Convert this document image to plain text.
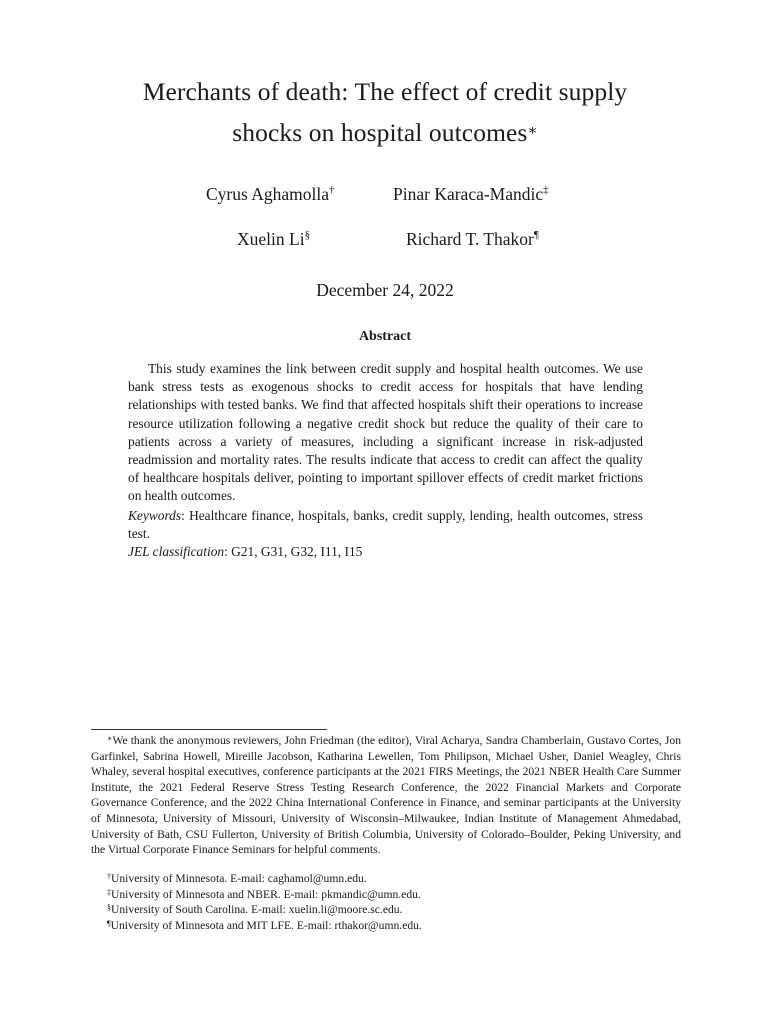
Merchants of death: The effect of credit supply
shocks on hospital outcomes∗
Cyrus Aghamolla†	Pinar Karaca-Mandic‡
Xuelin Li§	Richard T. Thakor¶
December 24, 2022
Abstract
This study examines the link between credit supply and hospital health outcomes. We use bank stress tests as exogenous shocks to credit access for hospitals that have lending relationships with tested banks. We find that affected hospitals shift their operations to increase resource utilization following a negative credit shock but reduce the quality of their care to patients across a variety of measures, including a significant increase in risk-adjusted readmission and mortality rates. The results indicate that access to credit can affect the quality of healthcare hospitals deliver, pointing to important spillover effects of credit market frictions on health outcomes.
Keywords: Healthcare finance, hospitals, banks, credit supply, lending, health outcomes, stress test.
JEL classification: G21, G31, G32, I11, I15
∗We thank the anonymous reviewers, John Friedman (the editor), Viral Acharya, Sandra Chamberlain, Gustavo Cortes, Jon Garfinkel, Sabrina Howell, Mireille Jacobson, Katharina Lewellen, Tom Philipson, Michael Usher, Daniel Weagley, Chris Whaley, several hospital executives, conference participants at the 2021 FIRS Meetings, the 2021 NBER Health Care Summer Institute, the 2021 Federal Reserve Stress Testing Research Conference, the 2022 Financial Markets and Corporate Governance Conference, and the 2022 China International Conference in Finance, and seminar participants at the University of Minnesota, University of Missouri, University of Wisconsin–Milwaukee, Indian Institute of Management Ahmedabad, University of Bath, CSU Fullerton, University of British Columbia, University of Colorado–Boulder, Peking University, and the Virtual Corporate Finance Seminars for helpful comments.
†University of Minnesota. E-mail: caghamol@umn.edu.
‡University of Minnesota and NBER. E-mail: pkmandic@umn.edu.
§University of South Carolina. E-mail: xuelin.li@moore.sc.edu.
¶University of Minnesota and MIT LFE. E-mail: rthakor@umn.edu.
